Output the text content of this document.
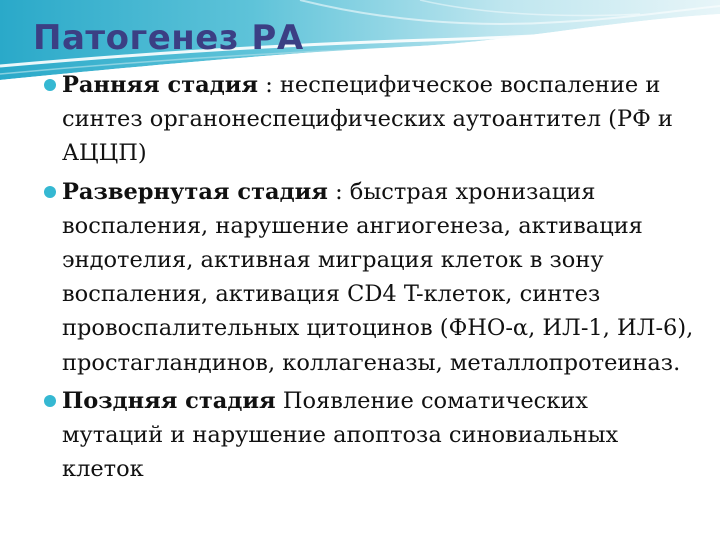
Патогенез РА
Ранняя стадия : неспецифическое воспаление и синтез органонеспецифических аутоантител (РФ и АЦЦП)
Развернутая стадия : быстрая хронизация воспаления, нарушение ангиогенеза, активация эндотелия, активная миграция клеток в зону воспаления, активация CD4 T-клеток, синтез провоспалительных цитоцинов (ФНО-α, ИЛ-1, ИЛ-6), простагландинов, коллагеназы, металлопротеиназ.
Поздняя стадия Появление соматических мутаций и нарушение апоптоза синовиальных клеток
